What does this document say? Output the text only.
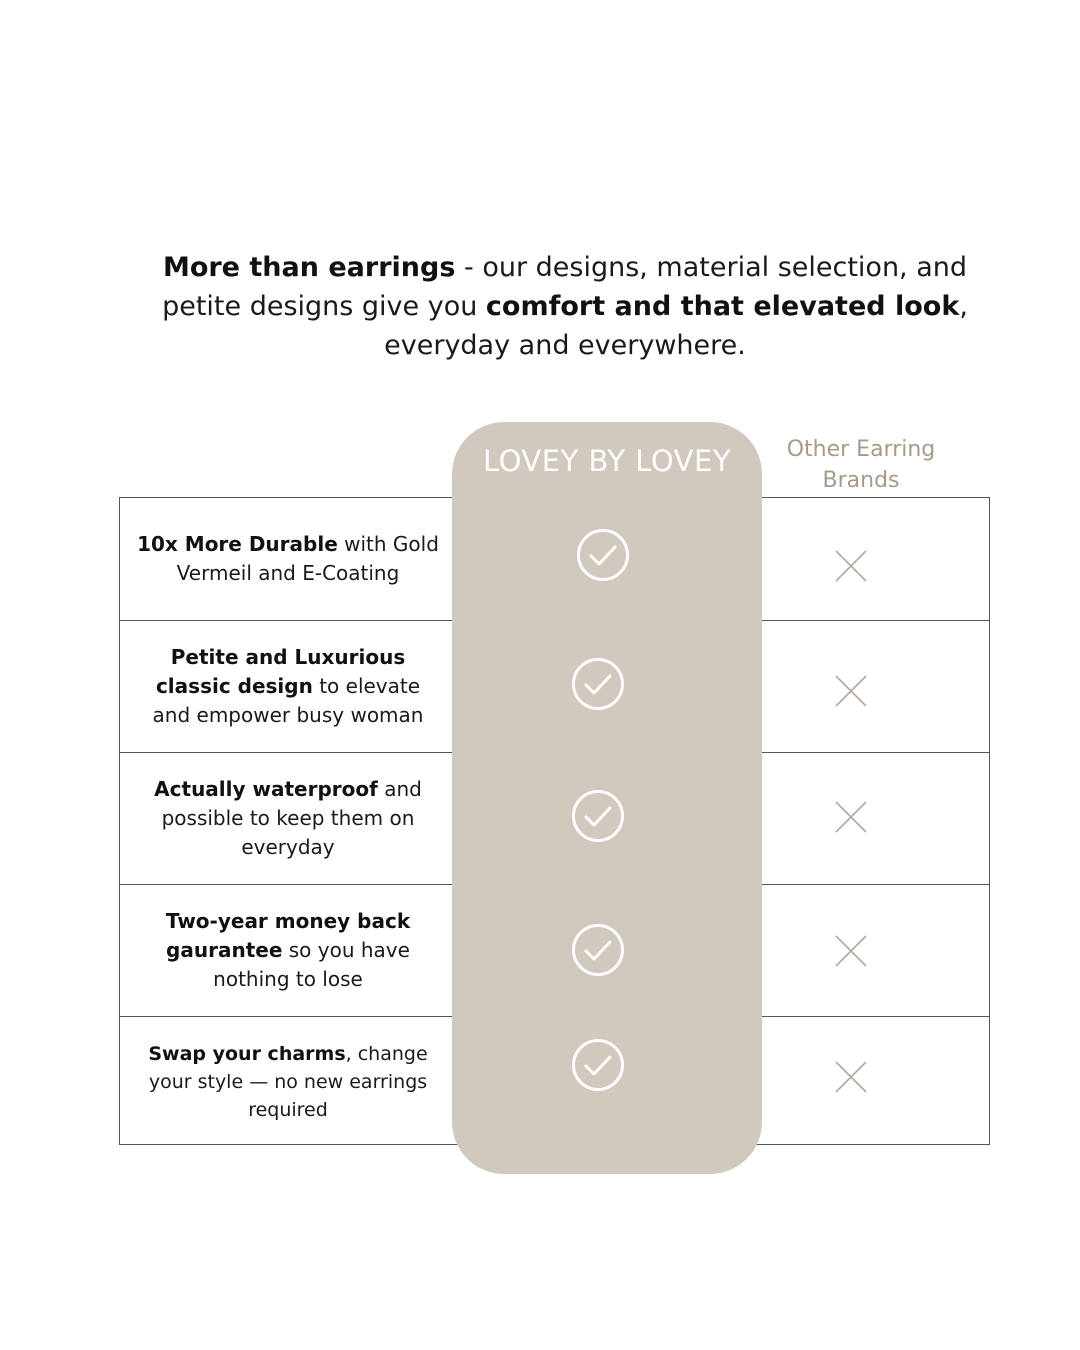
More than earrings - our designs, material selection, and petite designs give you comfort and that elevated look, everyday and everywhere.
LOVEY BY LOVEY	Other Earring Brands
10x More Durable with Gold Vermeil and E-Coating
Petite and Luxurious classic design to elevate and empower busy woman
Actually waterproof and possible to keep them on everyday
Two-year money back gaurantee so you have nothing to lose
Swap your charms, change your style — no new earrings required
